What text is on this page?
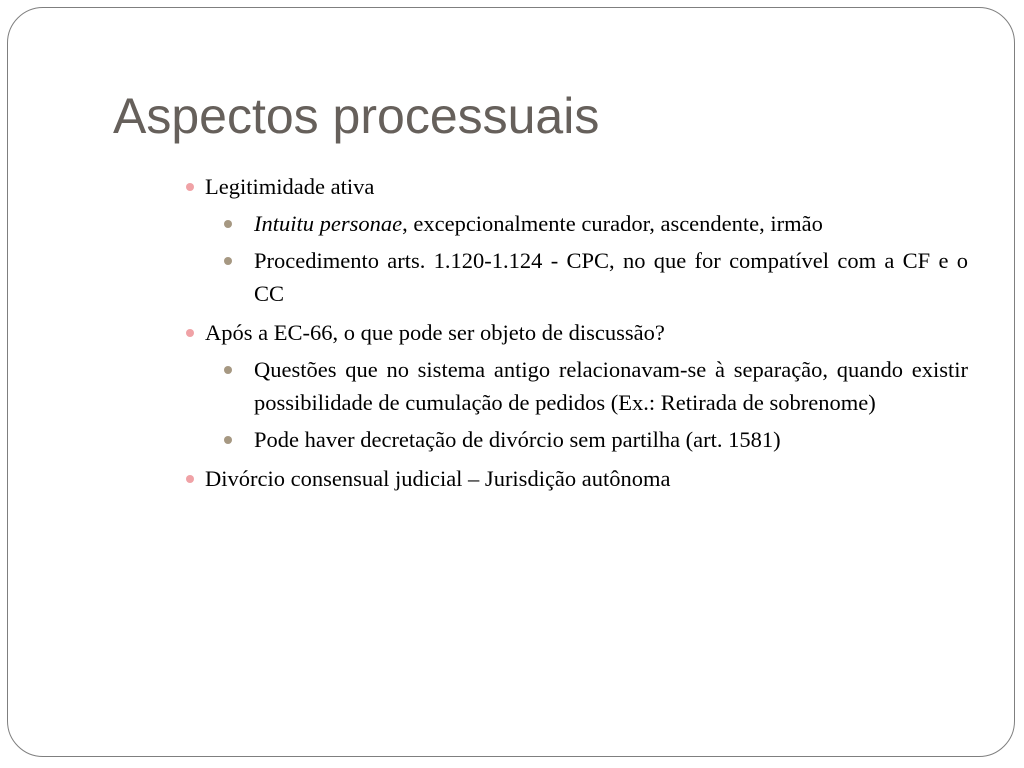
Aspectos processuais
Legitimidade ativa
Intuitu personae, excepcionalmente curador, ascendente, irmão
Procedimento arts. 1.120-1.124 - CPC, no que for compatível com a CF e o CC
Após a EC-66, o que pode ser objeto de discussão?
Questões que no sistema antigo relacionavam-se à separação, quando existir possibilidade de cumulação de pedidos (Ex.: Retirada de sobrenome)
Pode haver decretação de divórcio sem partilha (art. 1581)
Divórcio consensual judicial – Jurisdição autônoma
